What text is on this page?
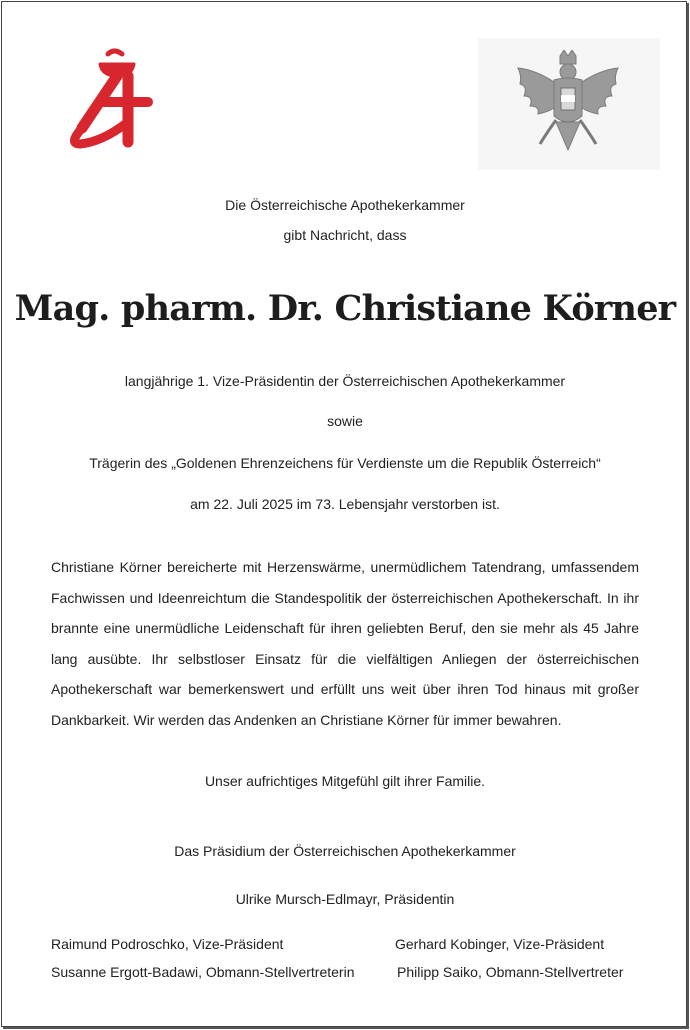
Die Österreichische Apothekerkammer
gibt Nachricht, dass
Mag. pharm. Dr. Christiane Körner
langjährige 1. Vize-Präsidentin der Österreichischen Apothekerkammer
sowie
Trägerin des „Goldenen Ehrenzeichens für Verdienste um die Republik Österreich“
am 22. Juli 2025 im 73. Lebensjahr verstorben ist.
Christiane Körner bereicherte mit Herzenswärme, unermüdlichem Tatendrang, umfassendem Fachwissen und Ideenreichtum die Standespolitik der österreichischen Apothekerschaft. In ihr brannte eine unermüdliche Leidenschaft für ihren geliebten Beruf, den sie mehr als 45 Jahre lang ausübte. Ihr selbstloser Einsatz für die vielfältigen Anliegen der österreichischen Apothekerschaft war bemerkenswert und erfüllt uns weit über ihren Tod hinaus mit großer Dankbarkeit. Wir werden das Andenken an Christiane Körner für immer bewahren.
Unser aufrichtiges Mitgefühl gilt ihrer Familie.
Das Präsidium der Österreichischen Apothekerkammer
Ulrike Mursch-Edlmayr, Präsidentin
Raimund Podroschko, Vize-Präsident
Susanne Ergott-Badawi, Obmann-Stellvertreterin
Gerhard Kobinger, Vize-Präsident
Philipp Saiko, Obmann-Stellvertreter
